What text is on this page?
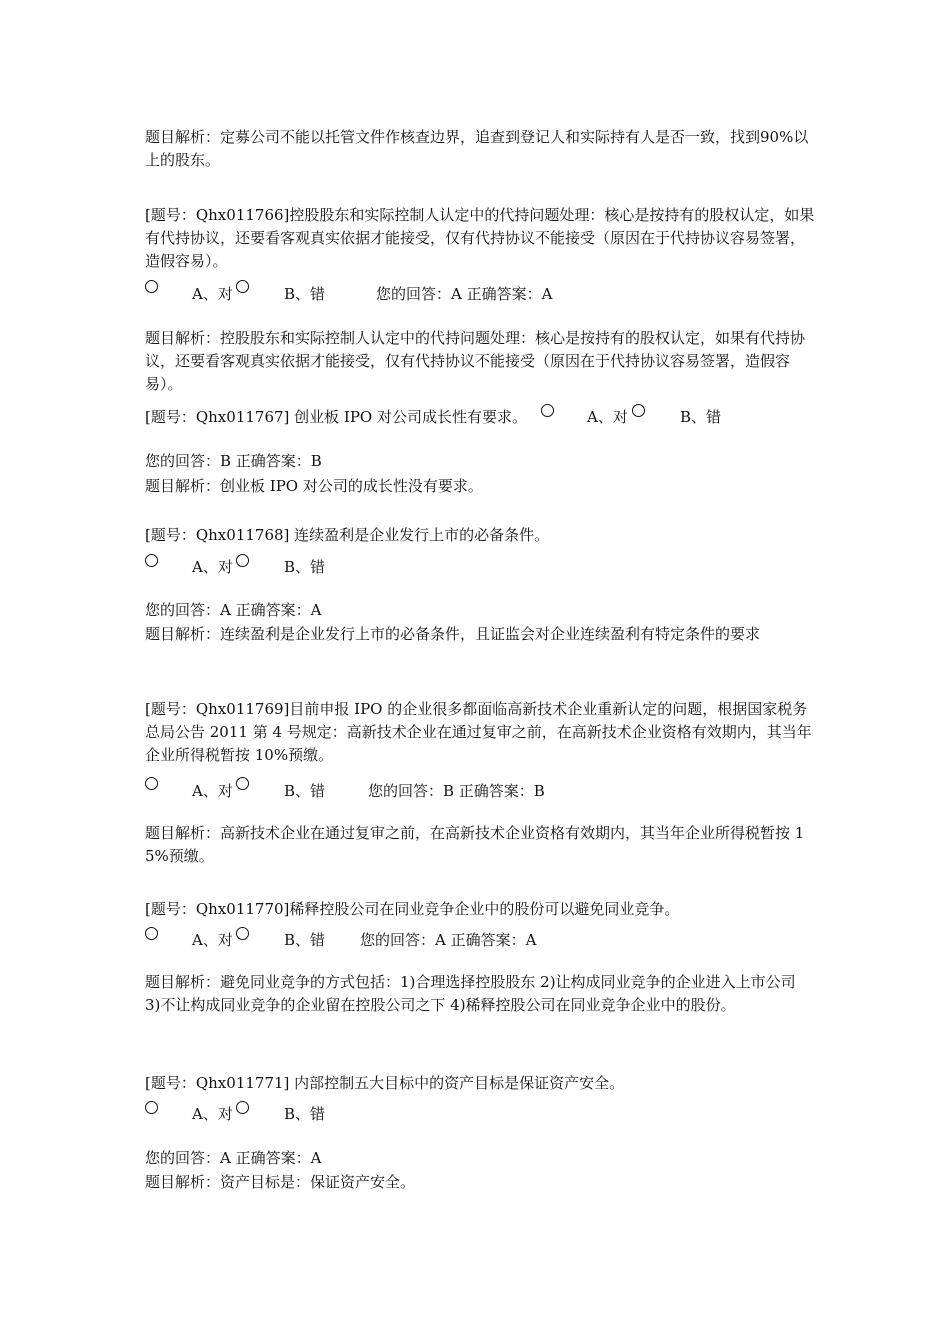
题目解析：定募公司不能以托管文件作核查边界，追查到登记人和实际持有人是否一致，找到90%以上的股东。

[题号：Qhx011766]控股股东和实际控制人认定中的代持问题处理：核心是按持有的股权认定，如果有代持协议，还要看客观真实依据才能接受，仅有代持协议不能接受（原因在于代持协议容易签署，造假容易）。

A、对	B、错	您的回答：A 正确答案：A

题目解析：控股股东和实际控制人认定中的代持问题处理：核心是按持有的股权认定，如果有代持协议，还要看客观真实依据才能接受，仅有代持协议不能接受（原因在于代持协议容易签署，造假容易）。

[题号：Qhx011767] 创业板 IPO 对公司成长性有要求。	A、对	B、错
您的回答：B 正确答案：B
题目解析：创业板 IPO 对公司的成长性没有要求。
[题号：Qhx011768] 连续盈利是企业发行上市的必备条件。
A、对	B、错
您的回答：A 正确答案：A

题目解析：连续盈利是企业发行上市的必备条件，且证监会对企业连续盈利有特定条件的要求

[题号：Qhx011769]目前申报 IPO 的企业很多都面临高新技术企业重新认定的问题，根据国家税务总局公告 2011 第 4 号规定：高新技术企业在通过复审之前，在高新技术企业资格有效期内，其当年企业所得税暂按 10%预缴。

A、对	B、错	您的回答：B 正确答案：B

题目解析：高新技术企业在通过复审之前，在高新技术企业资格有效期内，其当年企业所得税暂按 15%预缴。

[题号：Qhx011770]稀释控股公司在同业竞争企业中的股份可以避免同业竞争。
A、对	B、错 您的回答：A 正确答案：A

题目解析：避免同业竞争的方式包括：1)合理选择控股股东 2)让构成同业竞争的企业进入上市公司 3)不让构成同业竞争的企业留在控股公司之下 4)稀释控股公司在同业竞争企业中的股份。

[题号：Qhx011771] 内部控制五大目标中的资产目标是保证资产安全。
A、对	B、错
您的回答：A 正确答案：A
题目解析：资产目标是：保证资产安全。
